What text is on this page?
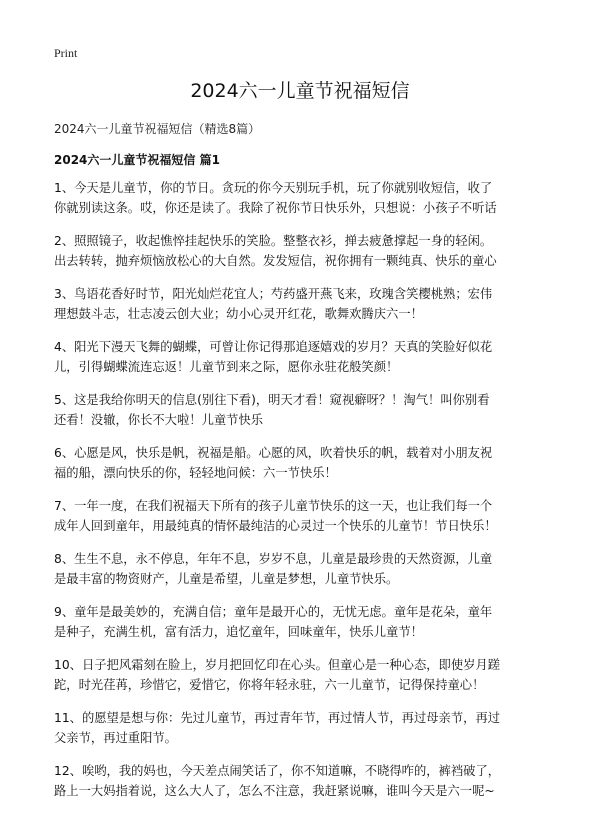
Print
2024六一儿童节祝福短信
2024六一儿童节祝福短信（精选8篇）
2024六一儿童节祝福短信 篇1

1、今天是儿童节，你的节日。贪玩的你今天别玩手机，玩了你就别收短信，收了
你就别读这条。哎，你还是读了。我除了祝你节日快乐外，只想说：小孩子不听话

2、照照镜子，收起憔悴挂起快乐的笑脸。整整衣衫，掸去疲惫撑起一身的轻闲。
出去转转，抛弃烦恼放松心的大自然。发发短信，祝你拥有一颗纯真、快乐的童心

3、鸟语花香好时节，阳光灿烂花宜人；芍药盛开燕飞来，玫瑰含笑樱桃熟；宏伟
理想鼓斗志，壮志凌云创大业；幼小心灵开红花，歌舞欢腾庆六一！

4、阳光下漫天飞舞的蝴蝶，可曾让你记得那追逐嬉戏的岁月？天真的笑脸好似花
儿，引得蝴蝶流连忘返！儿童节到来之际，愿你永驻花般笑颜！

5、这是我给你明天的信息(别往下看)，明天才看！窥视癖呀？！淘气！叫你别看
还看！没辙，你长不大啦！儿童节快乐

6、心愿是风，快乐是帆，祝福是船。心愿的风，吹着快乐的帆，载着对小朋友祝
福的船，漂向快乐的你，轻轻地问候：六一节快乐！

7、一年一度，在我们祝福天下所有的孩子儿童节快乐的这一天，也让我们每一个
成年人回到童年，用最纯真的情怀最纯洁的心灵过一个快乐的儿童节！节日快乐！

8、生生不息，永不停息，年年不息，岁岁不息，儿童是最珍贵的天然资源，儿童
是最丰富的物资财产，儿童是希望，儿童是梦想，儿童节快乐。

9、童年是最美妙的，充满自信；童年是最开心的，无忧无虑。童年是花朵，童年
是种子，充满生机，富有活力，追忆童年，回味童年，快乐儿童节！

10、日子把风霜刻在脸上，岁月把回忆印在心头。但童心是一种心态，即使岁月蹉
跎，时光荏苒，珍惜它，爱惜它，你将年轻永驻，六一儿童节，记得保持童心！

11、的愿望是想与你：先过儿童节，再过青年节，再过情人节，再过母亲节，再过
父亲节，再过重阳节。

12、唉哟，我的妈也，今天差点闹笑话了，你不知道嘛，不晓得咋的，裤裆破了，
路上一大妈指着说，这么大人了，怎么不注意，我赶紧说嘛，谁叫今天是六一呢~
